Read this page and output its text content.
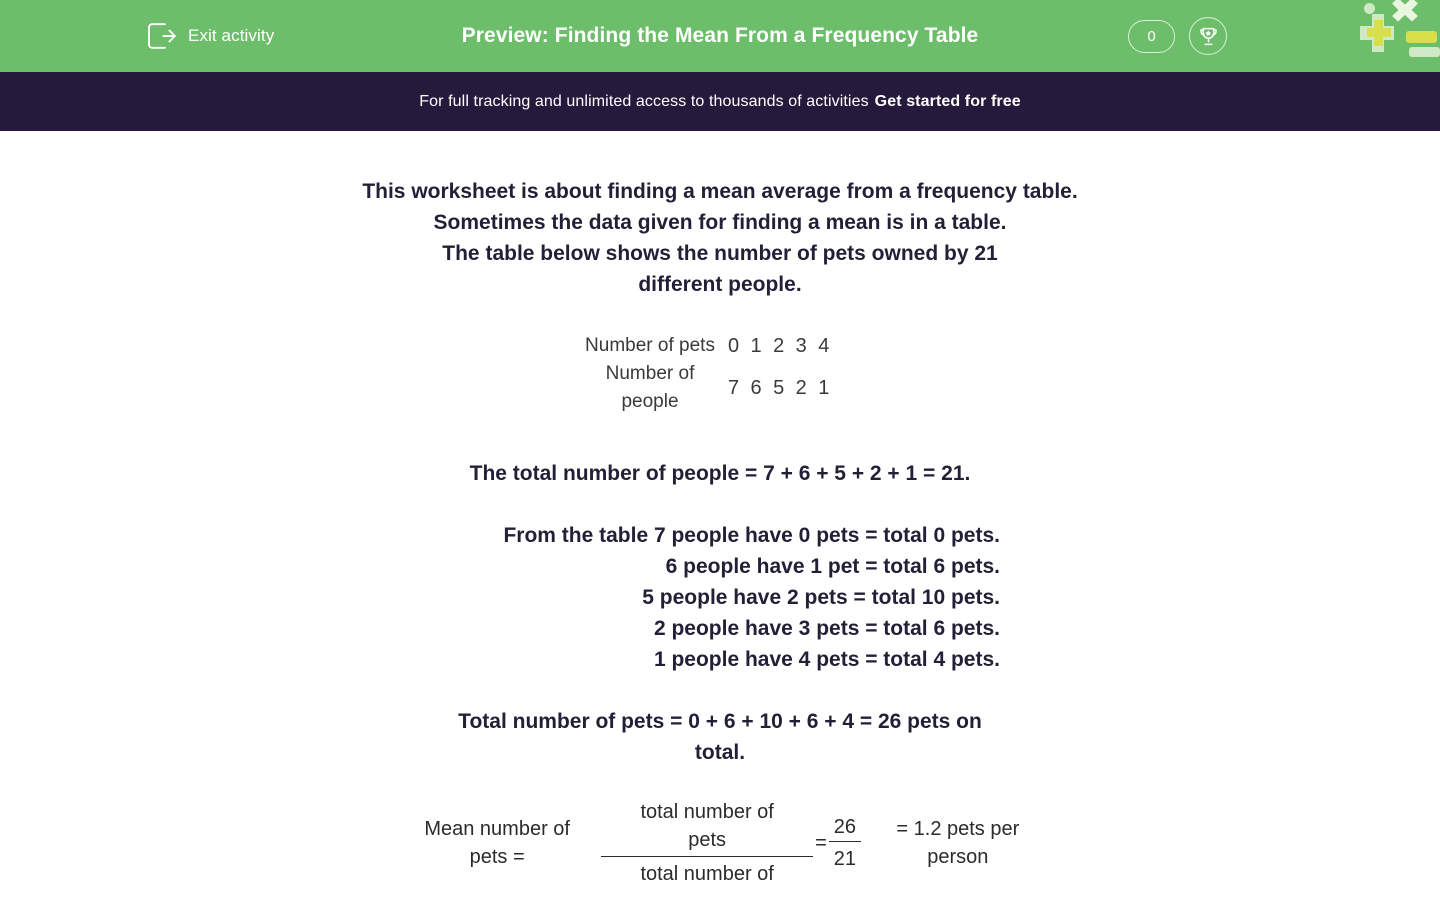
Exit activity	Preview: Finding the Mean From a Frequency Table	0
For full tracking and unlimited access to thousands of activities Get started for free

This worksheet is about finding a mean average from a frequency table.
Sometimes the data given for finding a mean is in a table.
The table below shows the number of pets owned by 21
different people.

Number of pets	0 1 2 3 4
Number of people	7 6 5 2 1
The total number of people = 7 + 6 + 5 + 2 + 1 = 21.
From the table 7 people have 0 pets = total 0 pets.
6 people have 1 pet = total 6 pets.
5 people have 2 pets = total 10 pets.
2 people have 3 pets = total 6 pets.
1 people have 4 pets = total 4 pets.
Total number of pets = 0 + 6 + 10 + 6 + 4 = 26 pets on
total.
Mean number of
pets =	total number of
pets
total number of = $\frac{26}{21}$	= 1.2 pets per
person
